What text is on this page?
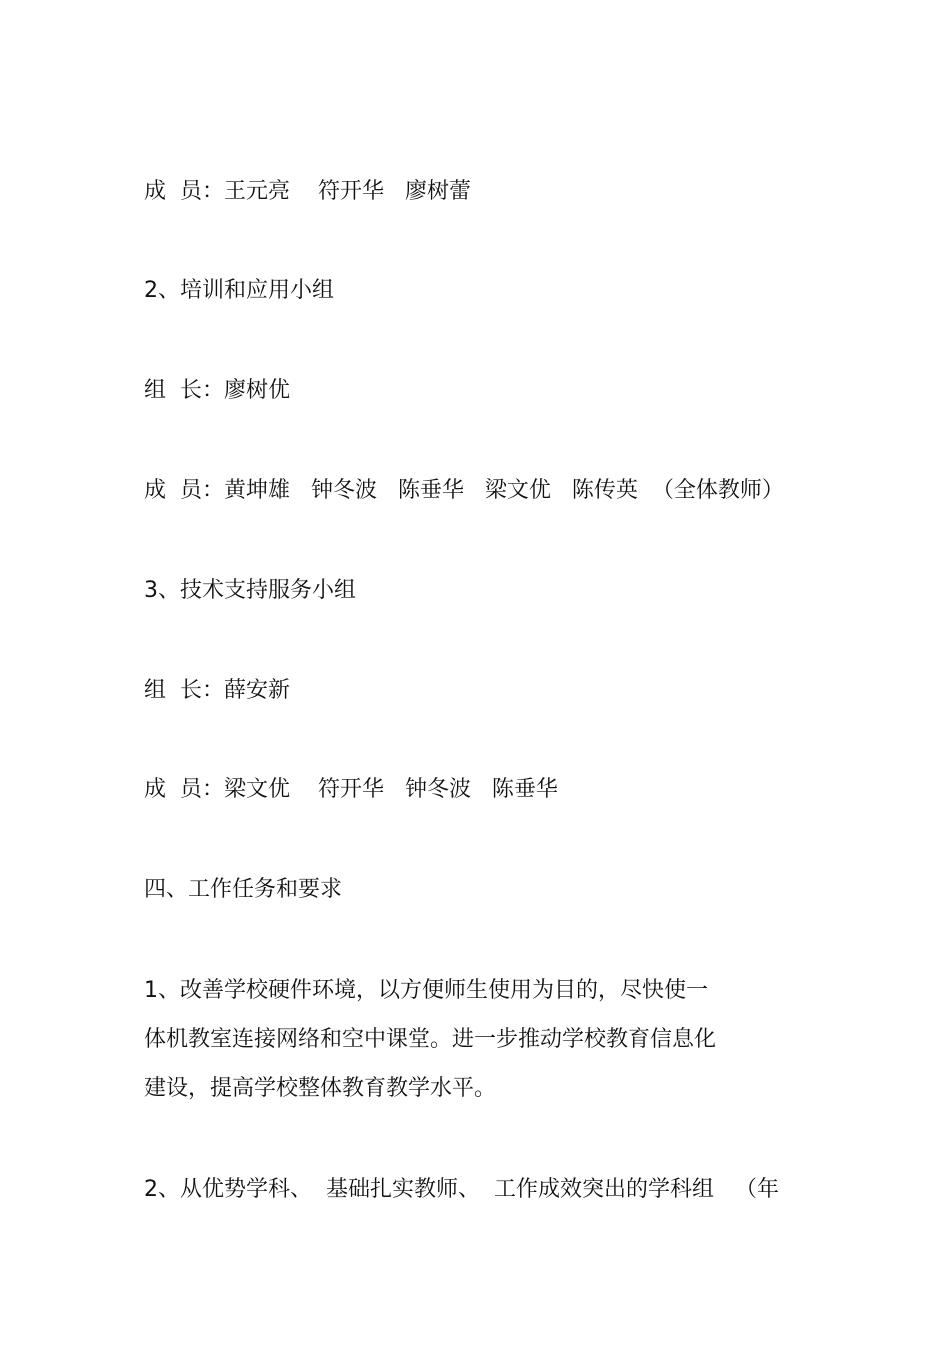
成  员：王元亮    符开华   廖树蕾
2、培训和应用小组
组  长：廖树优
成  员：黄坤雄   钟冬波   陈垂华   梁文优   陈传英  （全体教师）
3、技术支持服务小组
组  长：薛安新
成  员：梁文优    符开华   钟冬波   陈垂华
四、工作任务和要求
1、改善学校硬件环境，以方便师生使用为目的，尽快使一
体机教室连接网络和空中课堂。进一步推动学校教育信息化
建设，提高学校整体教育教学水平。
2、从优势学科、  基础扎实教师、  工作成效突出的学科组   （年
